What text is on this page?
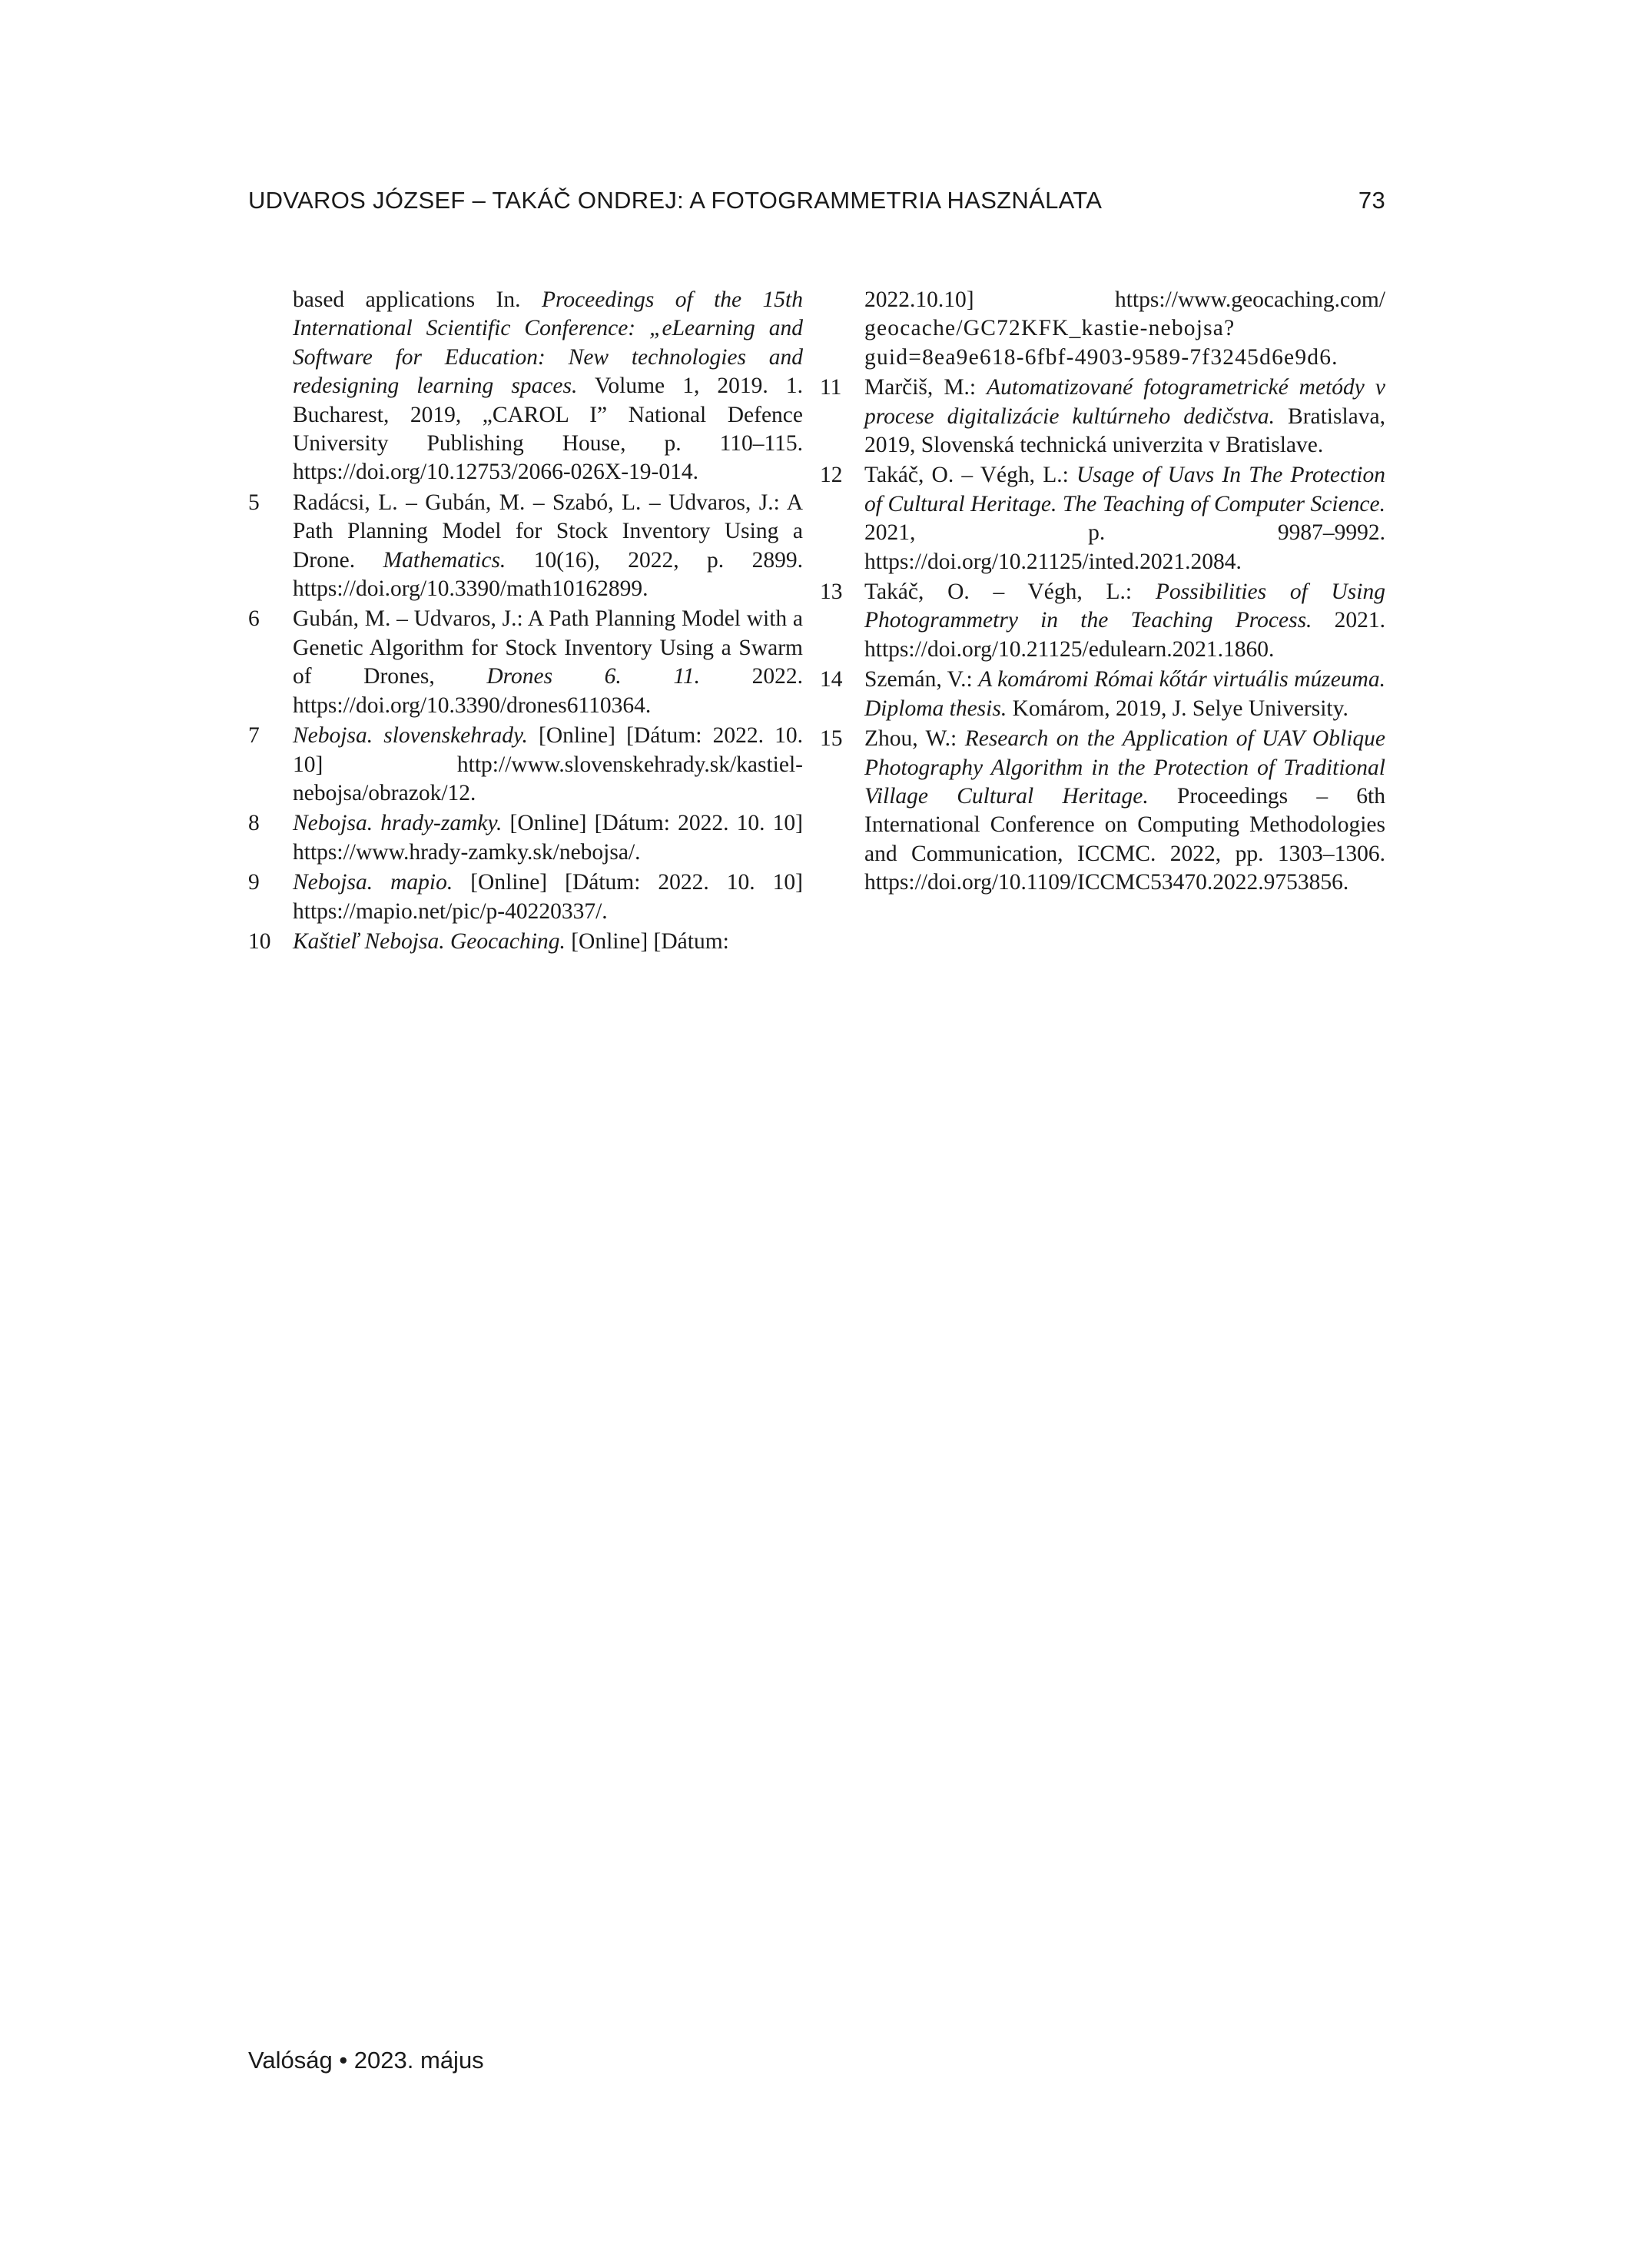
UDVAROS JÓZSEF – TAKÁČ ONDREJ: A FOTOGRAMMETRIA HASZNÁLATA	73

based applications In. Proceedings of the 15th International Scientific Conference: „eLearning and Software for Education: New technologies and redesigning learning spaces. Volume 1, 2019. 1. Bucharest, 2019, „CAROL I” National Defence University Publishing House, p. 110–115. https://doi.org/10.12753/2066-026X-19-014.

5 Radácsi, L. – Gubán, M. – Szabó, L. – Udvaros, J.: A Path Planning Model for Stock Inventory Using a Drone. Mathematics. 10(16), 2022, p. 2899. https://doi.org/10.3390/math10162899.

6 Gubán, M. – Udvaros, J.: A Path Planning Model with a Genetic Algorithm for Stock Inventory Using a Swarm of Drones, Drones 6. 11. 2022. https://doi.org/10.3390/drones6110364.

7 Nebojsa. slovenskehrady. [Online] [Dátum: 2022. 10. 10] http://www.slovenskehrady.sk/kastiel-nebojsa/obrazok/12.

8 Nebojsa. hrady-zamky. [Online] [Dátum: 2022. 10. 10] https://www.hrady-zamky.sk/nebojsa/.

9 Nebojsa. mapio. [Online] [Dátum: 2022. 10. 10] https://mapio.net/pic/p-40220337/.

10 Kaštieľ Nebojsa. Geocaching. [Online] [Dátum:

2022.10.10] https://www.geocaching.com/ geocache/GC72KFK_kastie-nebojsa?guid=8ea9e618-6fbf-4903-9589-7f3245d6e9d6.

11 Marčiš, M.: Automatizované fotogrametrické metódy v procese digitalizácie kultúrneho dedičstva. Bratislava, 2019, Slovenská technická univerzita v Bratislave.

12 Takáč, O. – Végh, L.: Usage of Uavs In The Protection of Cultural Heritage. The Teaching of Computer Science. 2021, p. 9987–9992. https://doi.org/10.21125/inted.2021.2084.

13 Takáč, O. – Végh, L.: Possibilities of Using Photogrammetry in the Teaching Process. 2021. https://doi.org/10.21125/edulearn.2021.1860.

14 Szemán, V.: A komáromi Római kőtár virtuális múzeuma. Diploma thesis. Komárom, 2019, J. Selye University.

15 Zhou, W.: Research on the Application of UAV Oblique Photography Algorithm in the Protection of Traditional Village Cultural Heritage. Proceedings – 6th International Conference on Computing Methodologies and Communication, ICCMC. 2022, pp. 1303–1306. https://doi.org/10.1109/ICCMC53470.2022.9753856.

Valóság • 2023. május
